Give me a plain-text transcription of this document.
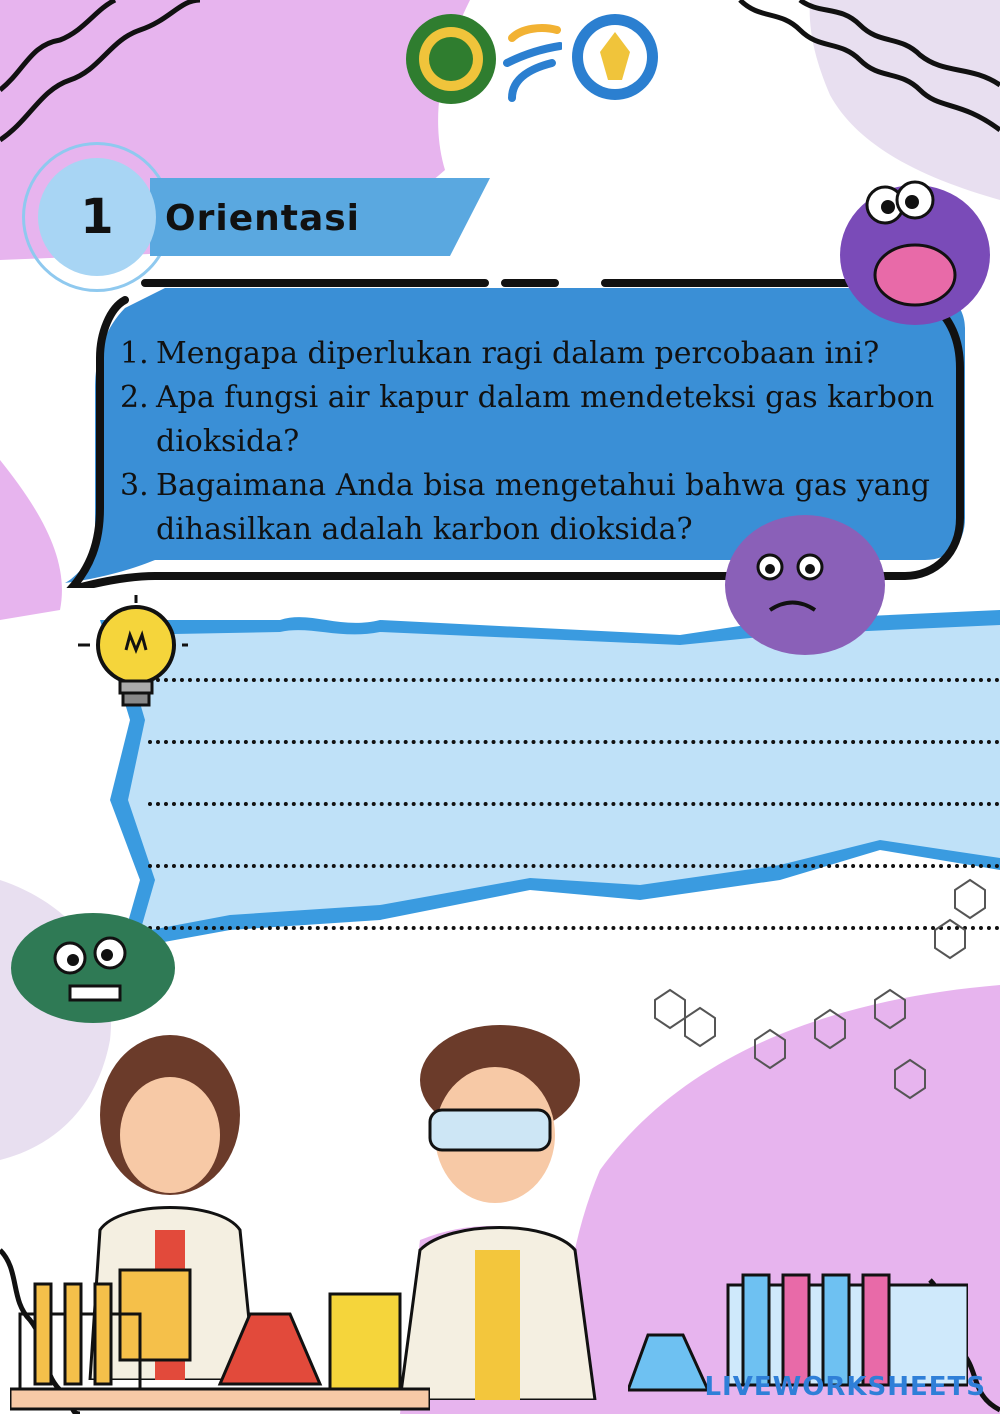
1 Orientasi
1. Mengapa diperlukan ragi dalam percobaan ini?
2. Apa fungsi air kapur dalam mendeteksi gas karbon dioksida?
3. Bagaimana Anda bisa mengetahui bahwa gas yang dihasilkan adalah karbon dioksida?
LIVEWORKSHEETS
